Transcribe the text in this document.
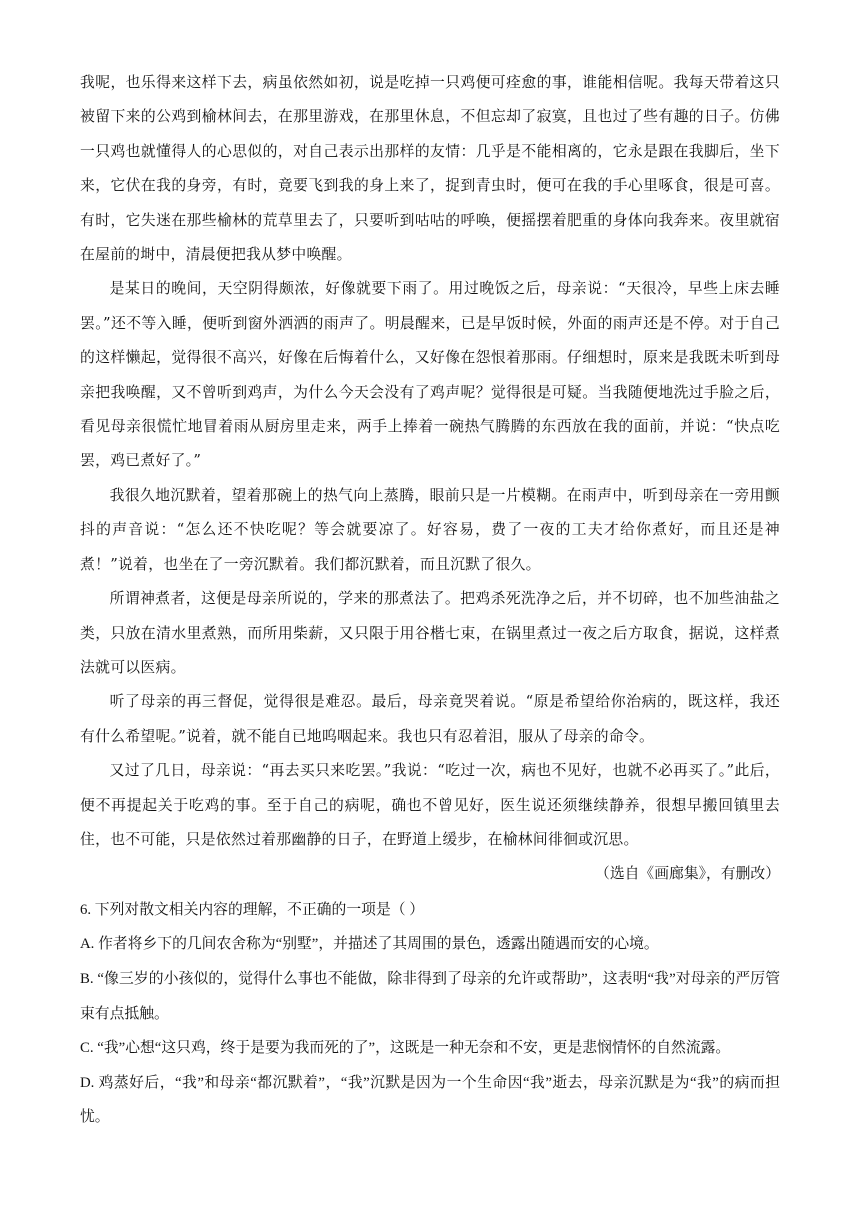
我呢，也乐得来这样下去，病虽依然如初，说是吃掉一只鸡便可痊愈的事，谁能相信呢。我每天带着这只被留下来的公鸡到榆林间去，在那里游戏，在那里休息，不但忘却了寂寞，且也过了些有趣的日子。仿佛一只鸡也就懂得人的心思似的，对自己表示出那样的友情：几乎是不能相离的，它永是跟在我脚后，坐下来，它伏在我的身旁，有时，竟要飞到我的身上来了，捉到青虫时，便可在我的手心里啄食，很是可喜。有时，它失迷在那些榆林的荒草里去了，只要听到咕咕的呼唤，便摇摆着肥重的身体向我奔来。夜里就宿在屋前的埘中，清晨便把我从梦中唤醒。

是某日的晚间，天空阴得颇浓，好像就要下雨了。用过晚饭之后，母亲说：“天很冷，早些上床去睡罢。”还不等入睡，便听到窗外洒洒的雨声了。明晨醒来，已是早饭时候，外面的雨声还是不停。对于自己的这样懒起，觉得很不高兴，好像在后悔着什么，又好像在怨恨着那雨。仔细想时，原来是我既未听到母亲把我唤醒，又不曾听到鸡声，为什么今天会没有了鸡声呢？觉得很是可疑。当我随便地洗过手脸之后，看见母亲很慌忙地冒着雨从厨房里走来，两手上捧着一碗热气腾腾的东西放在我的面前，并说：“快点吃罢，鸡已煮好了。”

我很久地沉默着，望着那碗上的热气向上蒸腾，眼前只是一片模糊。在雨声中，听到母亲在一旁用颤抖的声音说：“怎么还不快吃呢？等会就要凉了。好容易，费了一夜的工夫才给你煮好，而且还是神煮！”说着，也坐在了一旁沉默着。我们都沉默着，而且沉默了很久。

所谓神煮者，这便是母亲所说的，学来的那煮法了。把鸡杀死洗净之后，并不切碎，也不加些油盐之类，只放在清水里煮熟，而所用柴薪，又只限于用谷楷七束，在锅里煮过一夜之后方取食，据说，这样煮法就可以医病。

听了母亲的再三督促，觉得很是难忍。最后，母亲竟哭着说。“原是希望给你治病的，既这样，我还有什么希望呢。”说着，就不能自已地呜咽起来。我也只有忍着泪，服从了母亲的命令。

又过了几日，母亲说：“再去买只来吃罢。”我说：“吃过一次，病也不见好，也就不必再买了。”此后，便不再提起关于吃鸡的事。至于自己的病呢，确也不曾见好，医生说还须继续静养，很想早搬回镇里去住，也不可能，只是依然过着那幽静的日子，在野道上缓步，在榆林间徘徊或沉思。

（选自《画廊集》，有删改）

6. 下列对散文相关内容的理解，不正确的一项是（ ）

A. 作者将乡下的几间农舍称为“别墅”，并描述了其周围的景色，透露出随遇而安的心境。

B. “像三岁的小孩似的，觉得什么事也不能做，除非得到了母亲的允许或帮助”，这表明“我”对母亲的严厉管束有点抵触。

C. “我”心想“这只鸡，终于是要为我而死的了”，这既是一种无奈和不安，更是悲悯情怀的自然流露。

D. 鸡蒸好后，“我”和母亲“都沉默着”，“我”沉默是因为一个生命因“我”逝去，母亲沉默是为“我”的病而担忧。
